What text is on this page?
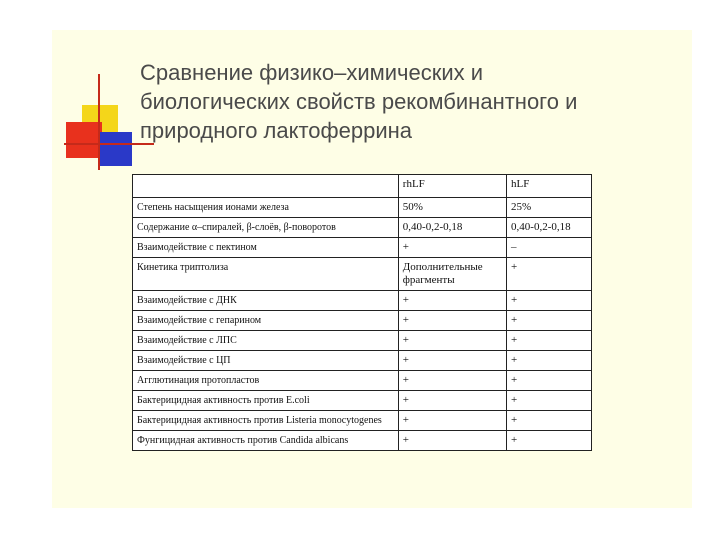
Сравнение физико–химических и
биологических свойств рекомбинантного и
природного лактоферрина
	rhLF	hLF
Степень насыщения ионами железа	50%	25%
Содержание α–спиралей, β-слоёв, β-поворотов	0,40-0,2-0,18	0,40-0,2-0,18
Взаимодействие с пектином	+	–
Кинетика триптолиза	Дополнительные фрагменты	+
Взаимодействие с ДНК	+	+
Взаимодействие с гепарином	+	+
Взаимодействие с ЛПС	+	+
Взаимодействие с ЦП	+	+
Агглютинация протопластов	+	+
Бактерицидная активность против E.coli	+	+
Бактерицидная активность против Listeria monocytogenes	+	+
Фунгицидная активность против Candida albicans	+	+
